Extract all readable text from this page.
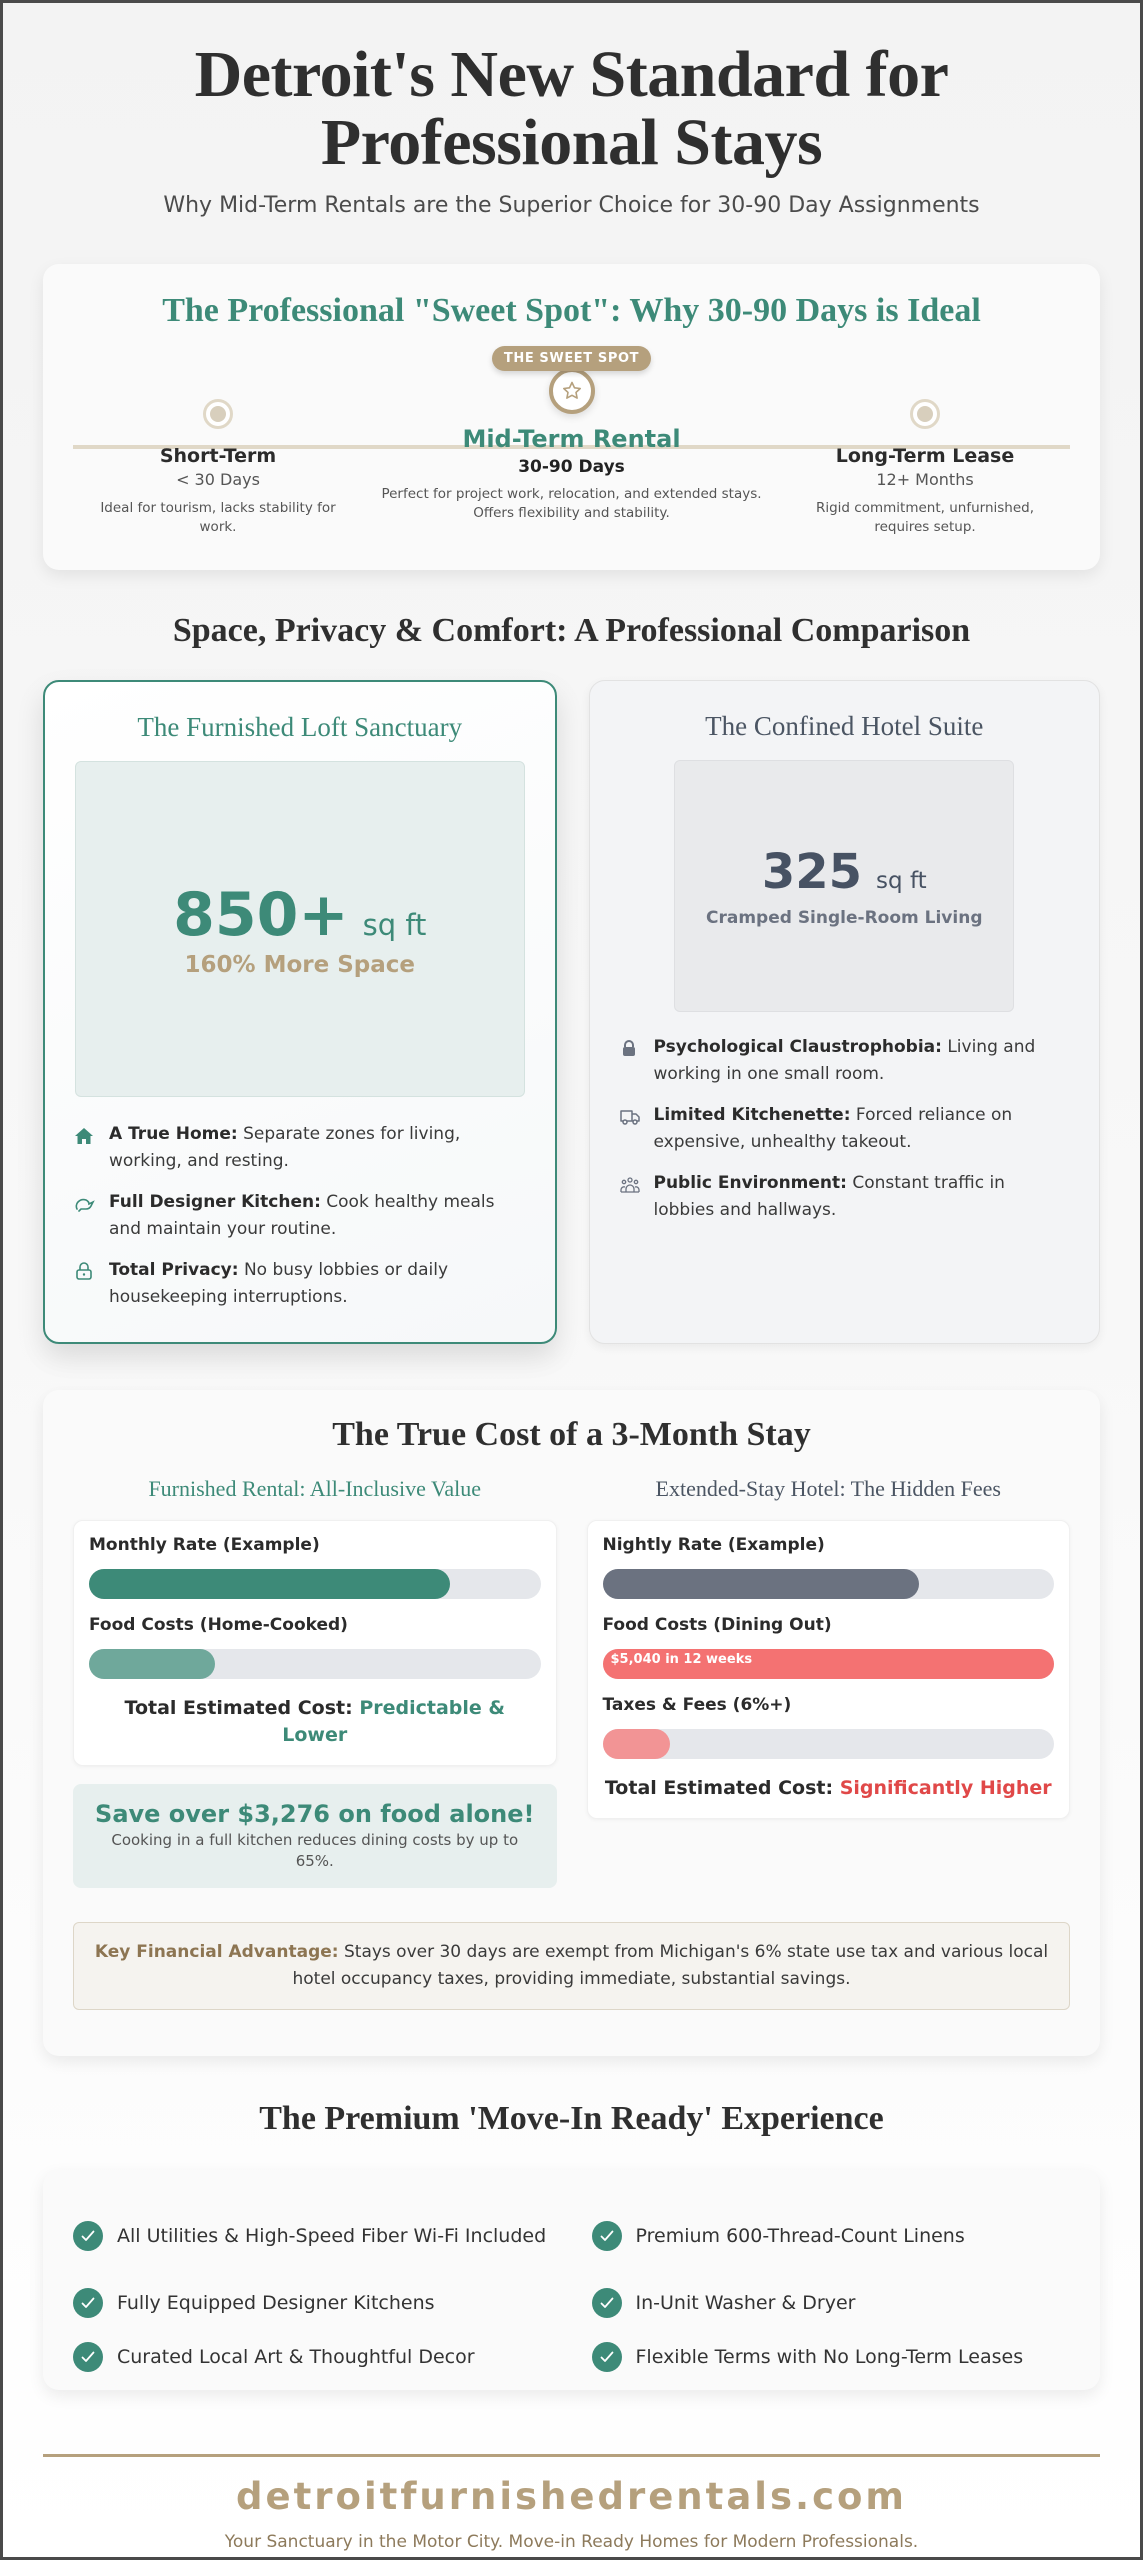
Detroit's New Standard for Professional Stays

Why Mid-Term Rentals are the Superior Choice for 30-90 Day Assignments

The Professional "Sweet Spot": Why 30-90 Days is Ideal
Short-Term
< 30 Days
Ideal for tourism, lacks stability for work.
THE SWEET SPOT
Mid-Term Rental
30-90 Days
Perfect for project work, relocation, and extended stays. Offers flexibility and stability.
Long-Term Lease
12+ Months
Rigid commitment, unfurnished, requires setup.
Space, Privacy & Comfort: A Professional Comparison
The Furnished Loft Sanctuary
850+ sq ft
160% More Space
A True Home: Separate zones for living, working, and resting.
Full Designer Kitchen: Cook healthy meals and maintain your routine.
Total Privacy: No busy lobbies or daily housekeeping interruptions.
The Confined Hotel Suite
325 sq ft
Cramped Single-Room Living
Psychological Claustrophobia: Living and working in one small room.
Limited Kitchenette: Forced reliance on expensive, unhealthy takeout.
Public Environment: Constant traffic in lobbies and hallways.
The True Cost of a 3-Month Stay
Furnished Rental: All-Inclusive Value
Monthly Rate (Example)
Food Costs (Home-Cooked)
Total Estimated Cost: Predictable & Lower
Save over $3,276 on food alone!
Cooking in a full kitchen reduces dining costs by up to 65%.
Extended-Stay Hotel: The Hidden Fees
Nightly Rate (Example)
Food Costs (Dining Out)
$5,040 in 12 weeks
Taxes & Fees (6%+)
Total Estimated Cost: Significantly Higher
Key Financial Advantage: Stays over 30 days are exempt from Michigan's 6% state use tax and various local hotel occupancy taxes, providing immediate, substantial savings.
The Premium 'Move-In Ready' Experience
All Utilities & High-Speed Fiber Wi-Fi Included	Premium 600-Thread-Count Linens
Fully Equipped Designer Kitchens	In-Unit Washer & Dryer
Curated Local Art & Thoughtful Decor	Flexible Terms with No Long-Term Leases
detroitfurnishedrentals.com
Your Sanctuary in the Motor City. Move-in Ready Homes for Modern Professionals.
